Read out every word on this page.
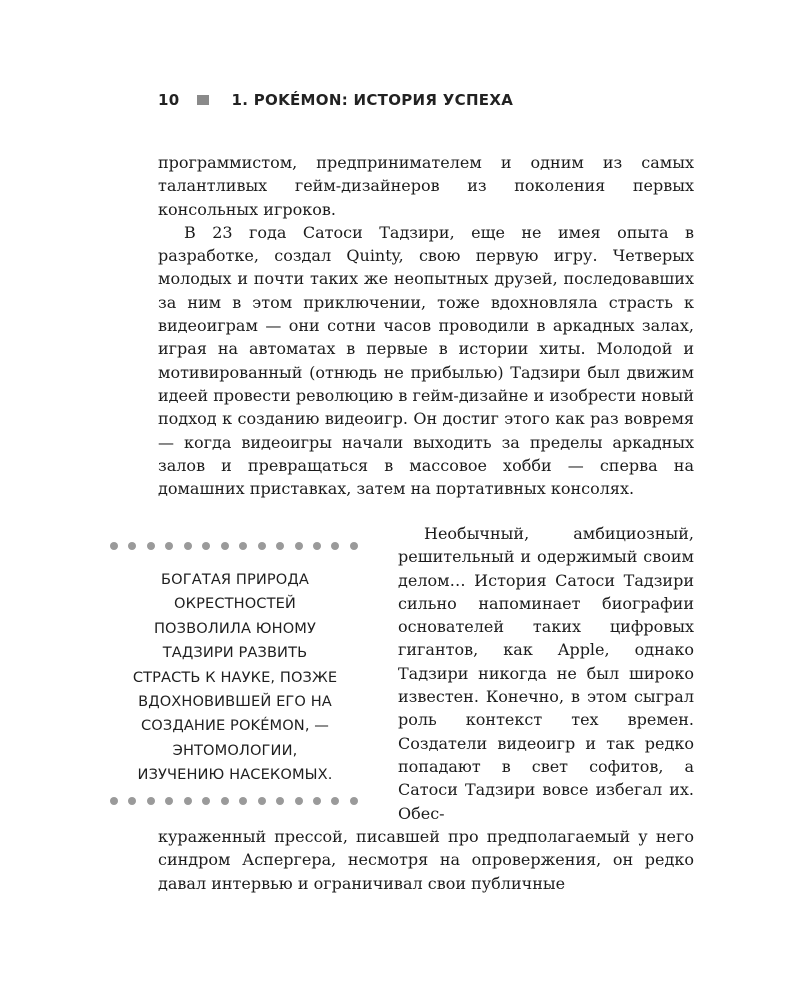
10	1. POKÉMON: ИСТОРИЯ УСПЕХА

программистом, предпринимателем и одним из самых талантливых гейм-дизайнеров из поколения первых консольных игроков.

В 23 года Сатоси Тадзири, еще не имея опыта в разработке, создал Quinty, свою первую игру. Четверых молодых и почти таких же неопытных друзей, последовавших за ним в этом приключении, тоже вдохновляла страсть к видеоиграм — они сотни часов проводили в аркадных залах, играя на автоматах в первые в истории хиты. Молодой и мотивированный (отнюдь не прибылью) Тадзири был движим идеей провести революцию в гейм-дизайне и изобрести новый подход к созданию видеоигр. Он достиг этого как раз вовремя — когда видеоигры начали выходить за пределы аркадных залов и превращаться в массовое хобби — сперва на домашних приставках, затем на портативных консолях.

БОГАТАЯ ПРИРОДА
ОКРЕСТНОСТЕЙ
ПОЗВОЛИЛА ЮНОМУ
ТАДЗИРИ РАЗВИТЬ
СТРАСТЬ К НАУКЕ, ПОЗЖЕ
ВДОХНОВИВШЕЙ ЕГО НА
СОЗДАНИЕ POKÉMON, —
ЭНТОМОЛОГИИ,
ИЗУЧЕНИЮ НАСЕКОМЫХ.

Необычный, амбициозный, решительный и одержимый своим делом… История Сатоси Тадзири сильно напоминает биографии основателей таких цифровых гигантов, как Apple, однако Тадзири никогда не был широко известен. Конечно, в этом сыграл роль контекст тех времен. Создатели видеоигр и так редко попадают в свет софитов, а Сатоси Тадзири вовсе избегал их. Обес-

кураженный прессой, писавшей про предполагаемый у него синдром Аспергера, несмотря на опровержения, он редко давал интервью и ограничивал свои публичные
